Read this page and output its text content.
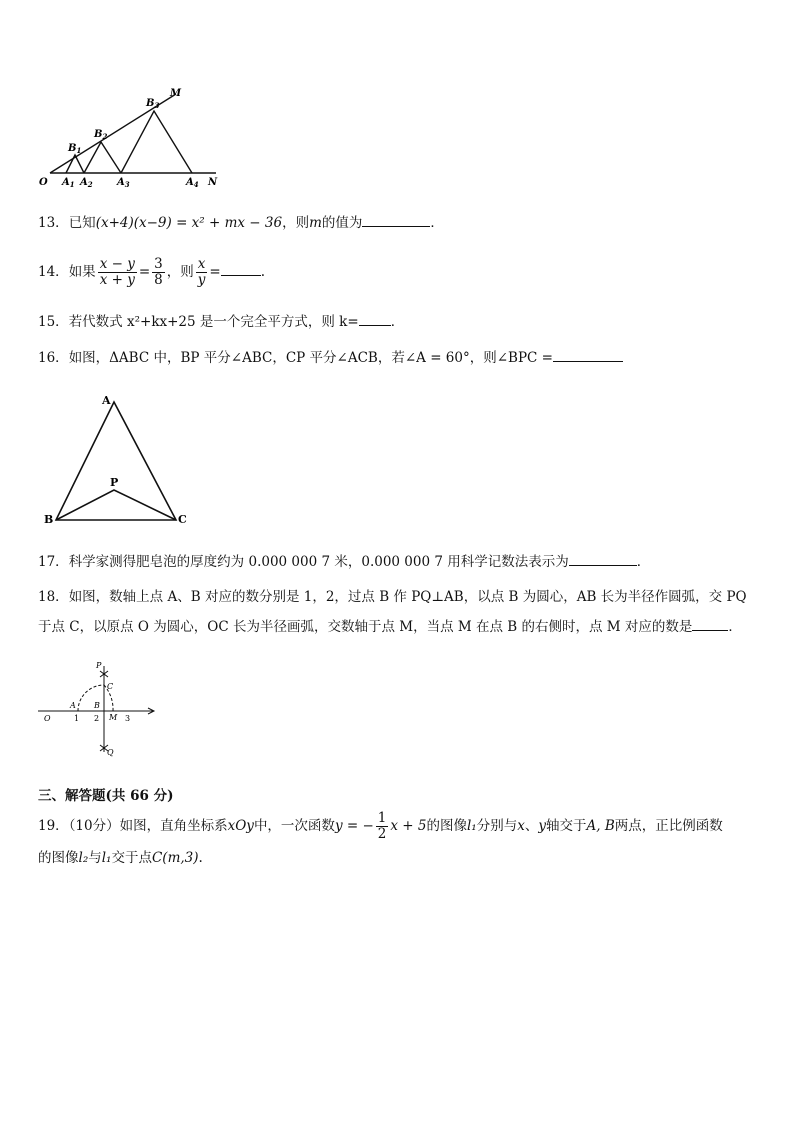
O	N
M
$A_1$ $A_2$ $A_3$	$A_4$
$B_1$
$B_2$
$B_3$
13．已知(x+4)(x−9) = x² + mx − 36，则m的值为	．
14．如果 $\frac{x - y}{x + y} = \frac{3}{8}$ ，则 $\frac{x}{y}$ =	.
15．若代数式 x²+kx+25 是一个完全平方式，则 k= ．
16．如图，ΔABC 中，BP 平分∠ABC，CP 平分∠ACB，若∠A = 60°，则∠BPC =
A
B	C
P
17．科学家测得肥皂泡的厚度约为 0.000 000 7 米，0.000 000 7 用科学记数法表示为	．
18．如图，数轴上点 A、B 对应的数分别是 1，2，过点 B 作 PQ⊥AB，以点 B 为圆心，AB 长为半径作圆弧，交 PQ
于点 C，以原点 O 为圆心，OC 长为半径画弧，交数轴于点 M，当点 M 在点 B 的右侧时，点 M 对应的数是	．
O
A B
M
C
P
Q
1 2	3
三、解答题(共 66 分)
19．（10分）如图，直角坐标系xOy中，一次函数y = − $\frac{1}{2}$ x + 5的图像l₁分别与x、y轴交于A, B两点，正比例函数
的图像l₂与l₁交于点C(m,3).
